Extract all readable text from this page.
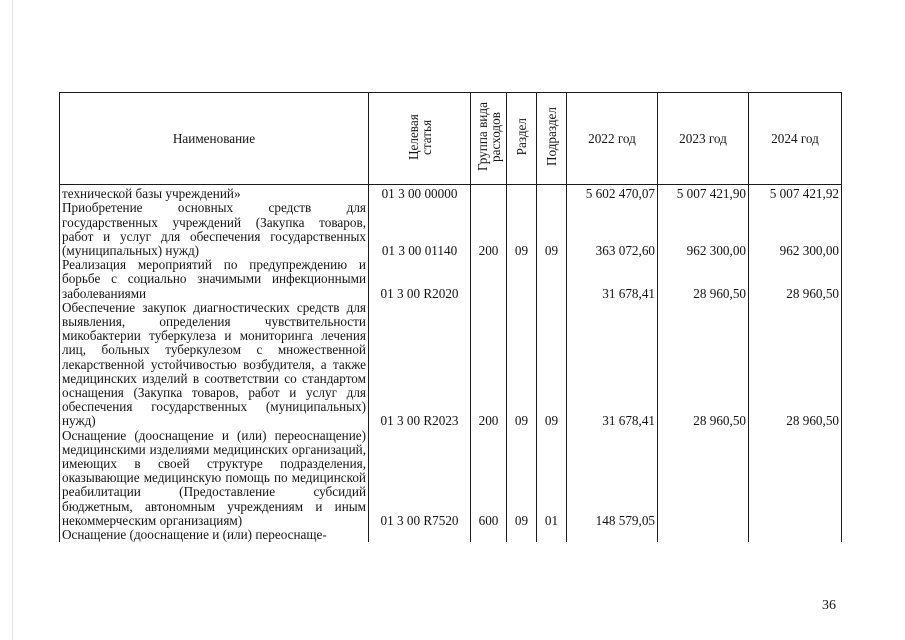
Наименование	Целевая статья	Группа вида расходов	Раздел	Подраздел	2022 год	2023 год	2024 год
технической базы учреждений»	01 3 00 00000				5 602 470,07	5 007 421,90	5 007 421,92
Приобретение основных средств для государственных учреждений (Закупка товаров, работ и услуг для обеспечения государственных (муниципальных) нужд)	01 3 00 01140	200	09	09	363 072,60	962 300,00	962 300,00
Реализация мероприятий по предупреждению и борьбе с социально значимыми инфекционными заболеваниями	01 3 00 R2020				31 678,41	28 960,50	28 960,50
Обеспечение закупок диагностических средств для выявления, определения чувствительности микобактерии туберкулеза и мониторинга лечения лиц, больных туберкулезом с множественной лекарственной устойчивостью возбудителя, а также медицинских изделий в соответствии со стандартом оснащения (Закупка товаров, работ и услуг для обеспечения государственных (муниципальных) нужд)	01 3 00 R2023	200	09	09	31 678,41	28 960,50	28 960,50
Оснащение (дооснащение и (или) переоснащение) медицинскими изделиями медицинских организаций, имеющих в своей структуре подразделения, оказывающие медицинскую помощь по медицинской реабилитации (Предоставление субсидий бюджетным, автономным учреждениям и иным некоммерческим организациям)	01 3 00 R7520	600	09	01	148 579,05		
Оснащение (дооснащение и (или) переоснаще-							
36
